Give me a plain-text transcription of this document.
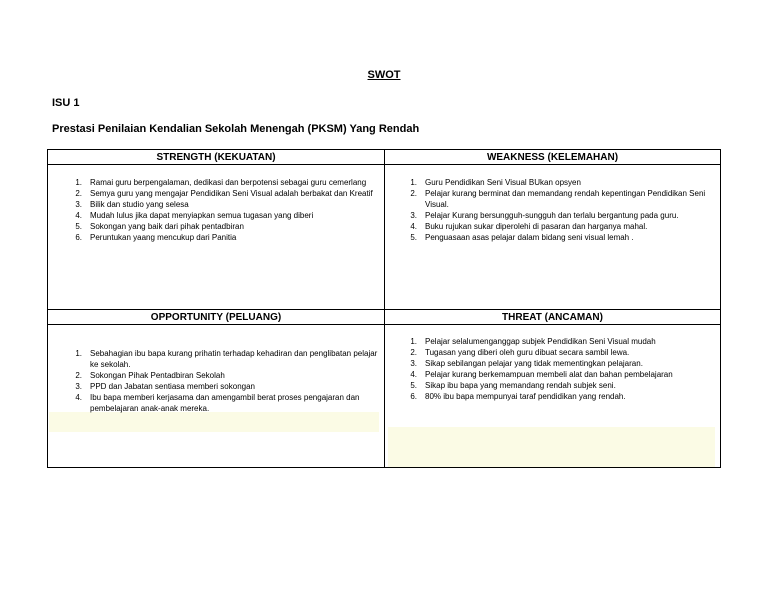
SWOT
ISU 1
Prestasi Penilaian Kendalian Sekolah Menengah (PKSM) Yang Rendah
STRENGTH (KEKUATAN)
1. Ramai guru berpengalaman, dedikasi dan berpotensi sebagai guru cemerlang
2. Semya guru yang mengajar Pendidikan Seni Visual adalah berbakat dan Kreatif
3. Bilik dan studio yang selesa
4. Mudah lulus jika dapat menyiapkan semua tugasan yang diberi
5. Sokongan yang baik dari pihak pentadbiran
6. Peruntukan yaang mencukup dari Panitia
WEAKNESS (KELEMAHAN)
1. Guru Pendidikan Seni Visual BUkan opsyen
2. Pelajar kurang berminat dan memandang rendah kepentingan Pendidikan Seni Visual.
3. Pelajar Kurang bersungguh-sungguh dan terlalu bergantung pada guru.
4. Buku rujukan sukar diperolehi di pasaran dan harganya mahal.
5. Penguasaan asas pelajar dalam bidang seni visual lemah .
OPPORTUNITY (PELUANG)
1. Sebahagian ibu bapa kurang prihatin terhadap kehadiran dan penglibatan pelajar ke sekolah.
2. Sokongan Pihak Pentadbiran Sekolah
3. PPD dan Jabatan sentiasa memberi sokongan
4. Ibu bapa memberi kerjasama dan amengambil berat proses pengajaran dan pembelajaran anak-anak mereka.
THREAT (ANCAMAN)
1. Pelajar selalumenganggap subjek Pendidikan Seni Visual mudah
2. Tugasan yang diberi oleh guru dibuat secara sambil lewa.
3. Sikap sebilangan pelajar yang tidak mementingkan pelajaran.
4. Pelajar kurang berkemampuan membeli alat dan bahan pembelajaran
5. Sikap ibu bapa yang memandang rendah subjek seni.
6. 80% ibu bapa mempunyai taraf pendidikan yang rendah.
